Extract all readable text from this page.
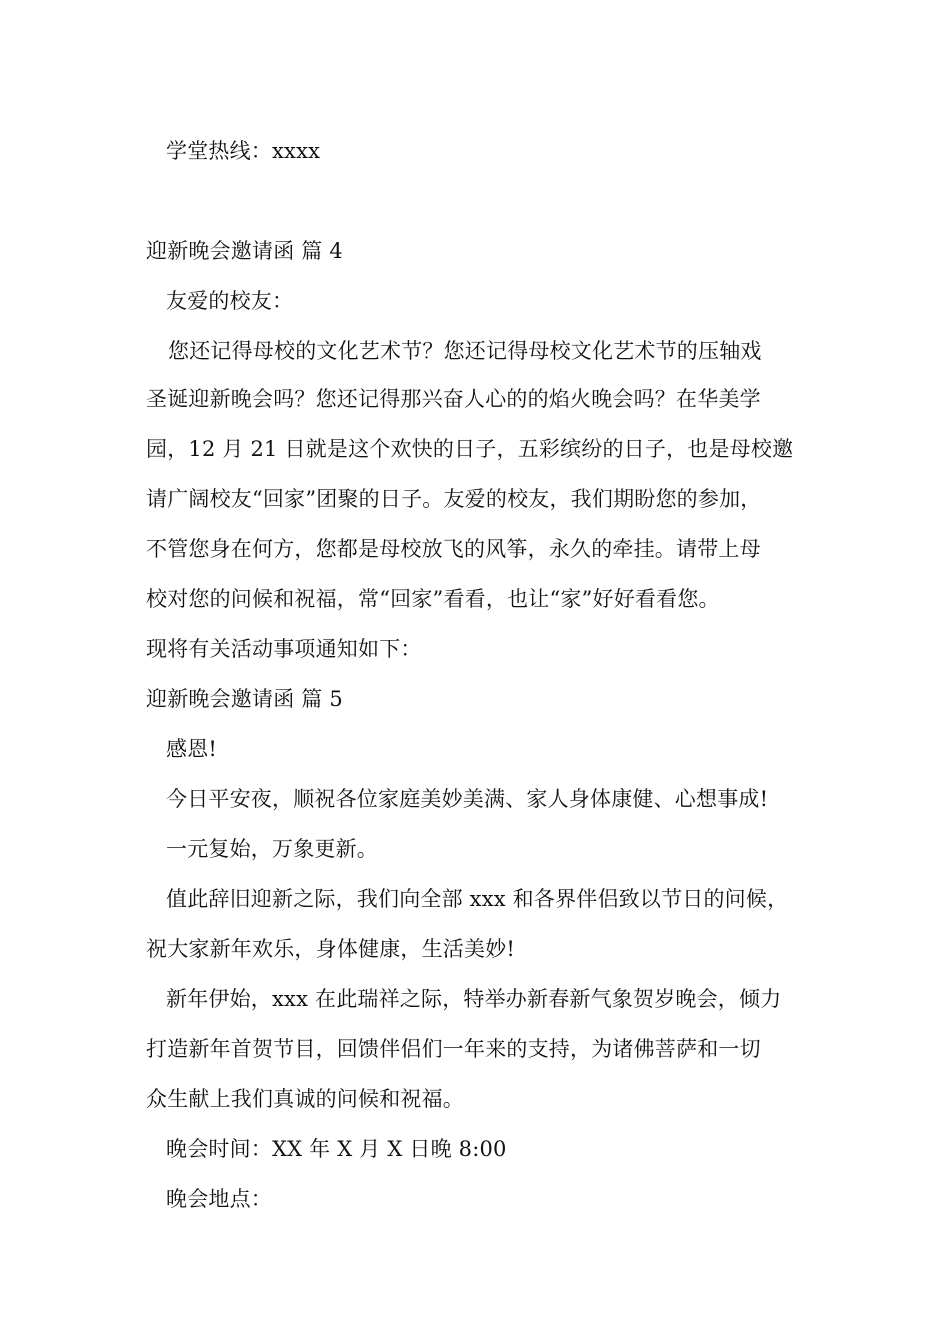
学堂热线：xxxx
迎新晚会邀请函 篇 4
友爱的校友：
您还记得母校的文化艺术节？您还记得母校文化艺术节的压轴戏
圣诞迎新晚会吗？您还记得那兴奋人心的的焰火晚会吗？在华美学
园，12 月 21 日就是这个欢快的日子，五彩缤纷的日子，也是母校邀
请广阔校友“回家”团聚的日子。友爱的校友，我们期盼您的参加，
不管您身在何方，您都是母校放飞的风筝，永久的牵挂。请带上母
校对您的问候和祝福，常“回家”看看，也让“家”好好看看您。
现将有关活动事项通知如下：
迎新晚会邀请函 篇 5
感恩!
今日平安夜，顺祝各位家庭美妙美满、家人身体康健、心想事成!
一元复始，万象更新。
值此辞旧迎新之际，我们向全部 xxx 和各界伴侣致以节日的问候，
祝大家新年欢乐，身体健康，生活美妙!
新年伊始，xxx 在此瑞祥之际，特举办新春新气象贺岁晚会，倾力
打造新年首贺节目，回馈伴侣们一年来的支持，为诸佛菩萨和一切
众生献上我们真诚的问候和祝福。
晚会时间：XX 年 X 月 X 日晚 8:00
晚会地点：
